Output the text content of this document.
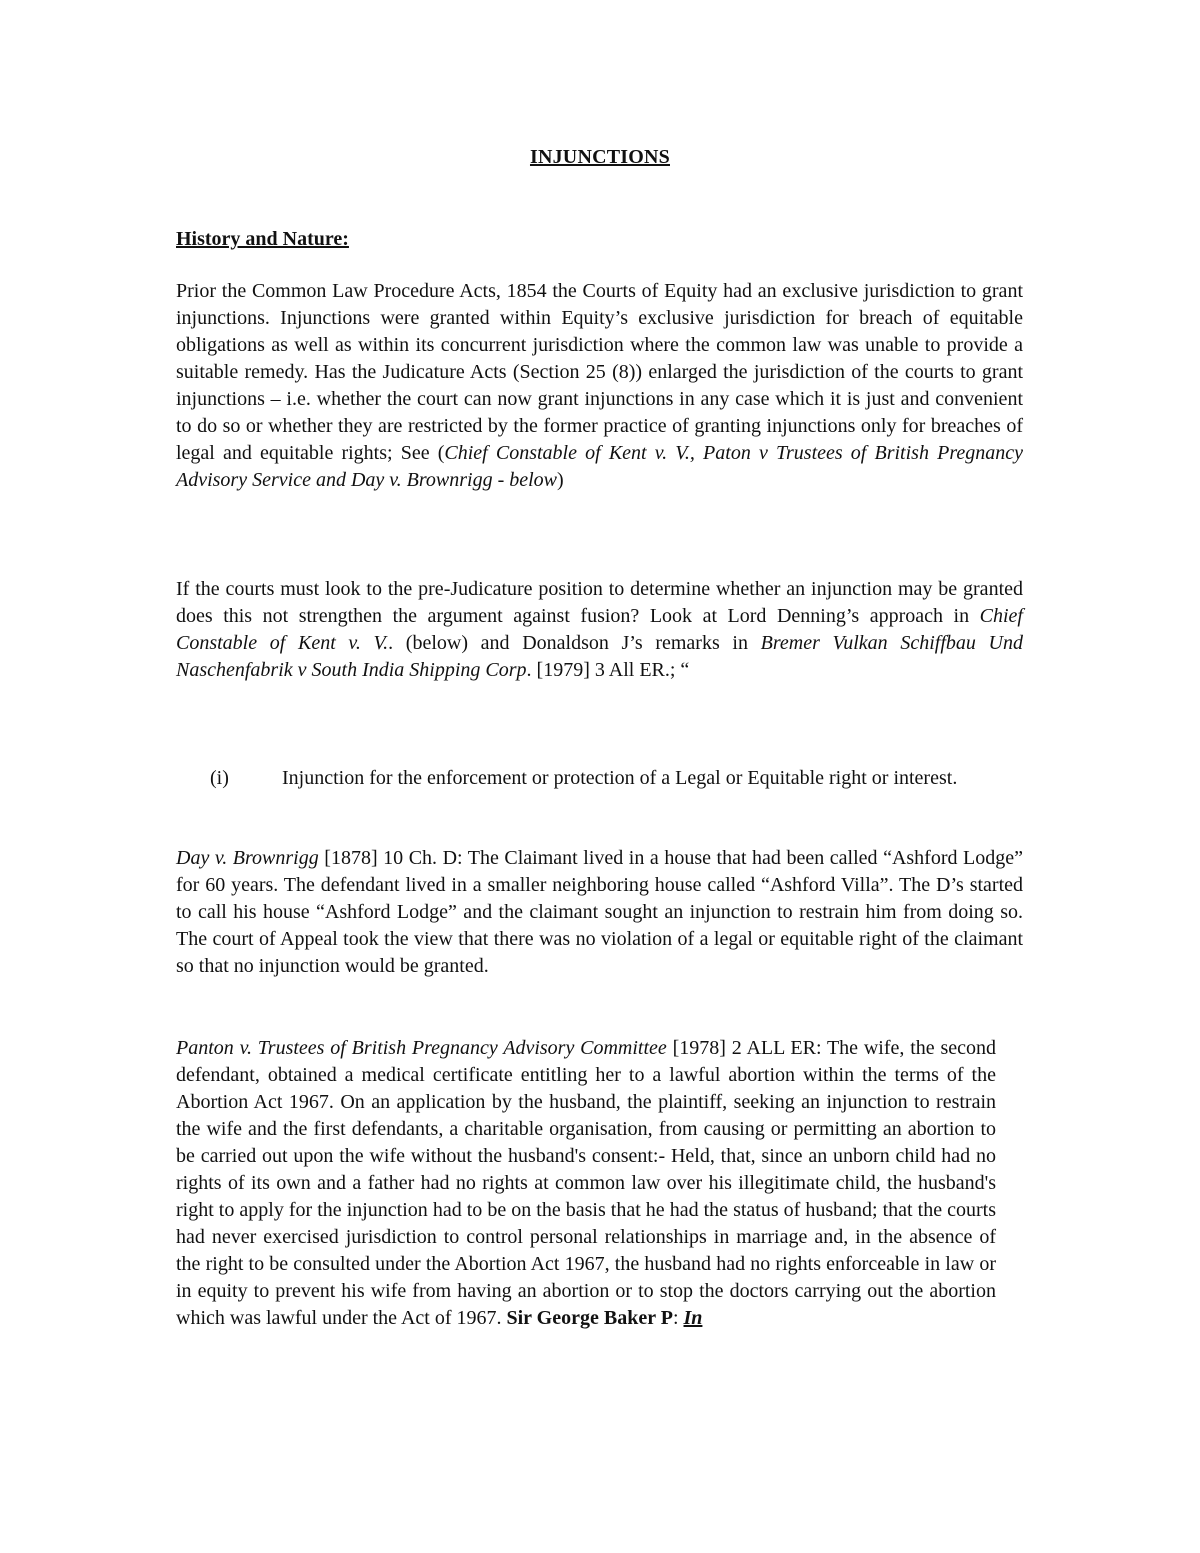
INJUNCTIONS
History and Nature:

Prior the Common Law Procedure Acts, 1854 the Courts of Equity had an exclusive jurisdiction to grant injunctions. Injunctions were granted within Equity’s exclusive jurisdiction for breach of equitable obligations as well as within its concurrent jurisdiction where the common law was unable to provide a suitable remedy. Has the Judicature Acts (Section 25 (8)) enlarged the jurisdiction of the courts to grant injunctions – i.e. whether the court can now grant injunctions in any case which it is just and convenient to do so or whether they are restricted by the former practice of granting injunctions only for breaches of legal and equitable rights; See (Chief Constable of Kent v. V., Paton v Trustees of British Pregnancy Advisory Service and Day v. Brownrigg - below)

If the courts must look to the pre-Judicature position to determine whether an injunction may be granted does this not strengthen the argument against fusion? Look at Lord Denning’s approach in Chief Constable of Kent v. V.. (below) and Donaldson J’s remarks in Bremer Vulkan Schiffbau Und Naschenfabrik v South India Shipping Corp. [1979] 3 All ER.; “

(i)	Injunction for the enforcement or protection of a Legal or Equitable right or interest.

Day v. Brownrigg [1878] 10 Ch. D: The Claimant lived in a house that had been called “Ashford Lodge” for 60 years. The defendant lived in a smaller neighboring house called “Ashford Villa”. The D’s started to call his house “Ashford Lodge” and the claimant sought an injunction to restrain him from doing so. The court of Appeal took the view that there was no violation of a legal or equitable right of the claimant so that no injunction would be granted.

Panton v. Trustees of British Pregnancy Advisory Committee [1978] 2 ALL ER: The wife, the second defendant, obtained a medical certificate entitling her to a lawful abortion within the terms of the Abortion Act 1967. On an application by the husband, the plaintiff, seeking an injunction to restrain the wife and the first defendants, a charitable organisation, from causing or permitting an abortion to be carried out upon the wife without the husband's consent:- Held, that, since an unborn child had no rights of its own and a father had no rights at common law over his illegitimate child, the husband's right to apply for the injunction had to be on the basis that he had the status of husband; that the courts had never exercised jurisdiction to control personal relationships in marriage and, in the absence of the right to be consulted under the Abortion Act 1967, the husband had no rights enforceable in law or in equity to prevent his wife from having an abortion or to stop the doctors carrying out the abortion which was lawful under the Act of 1967. Sir George Baker P: In
